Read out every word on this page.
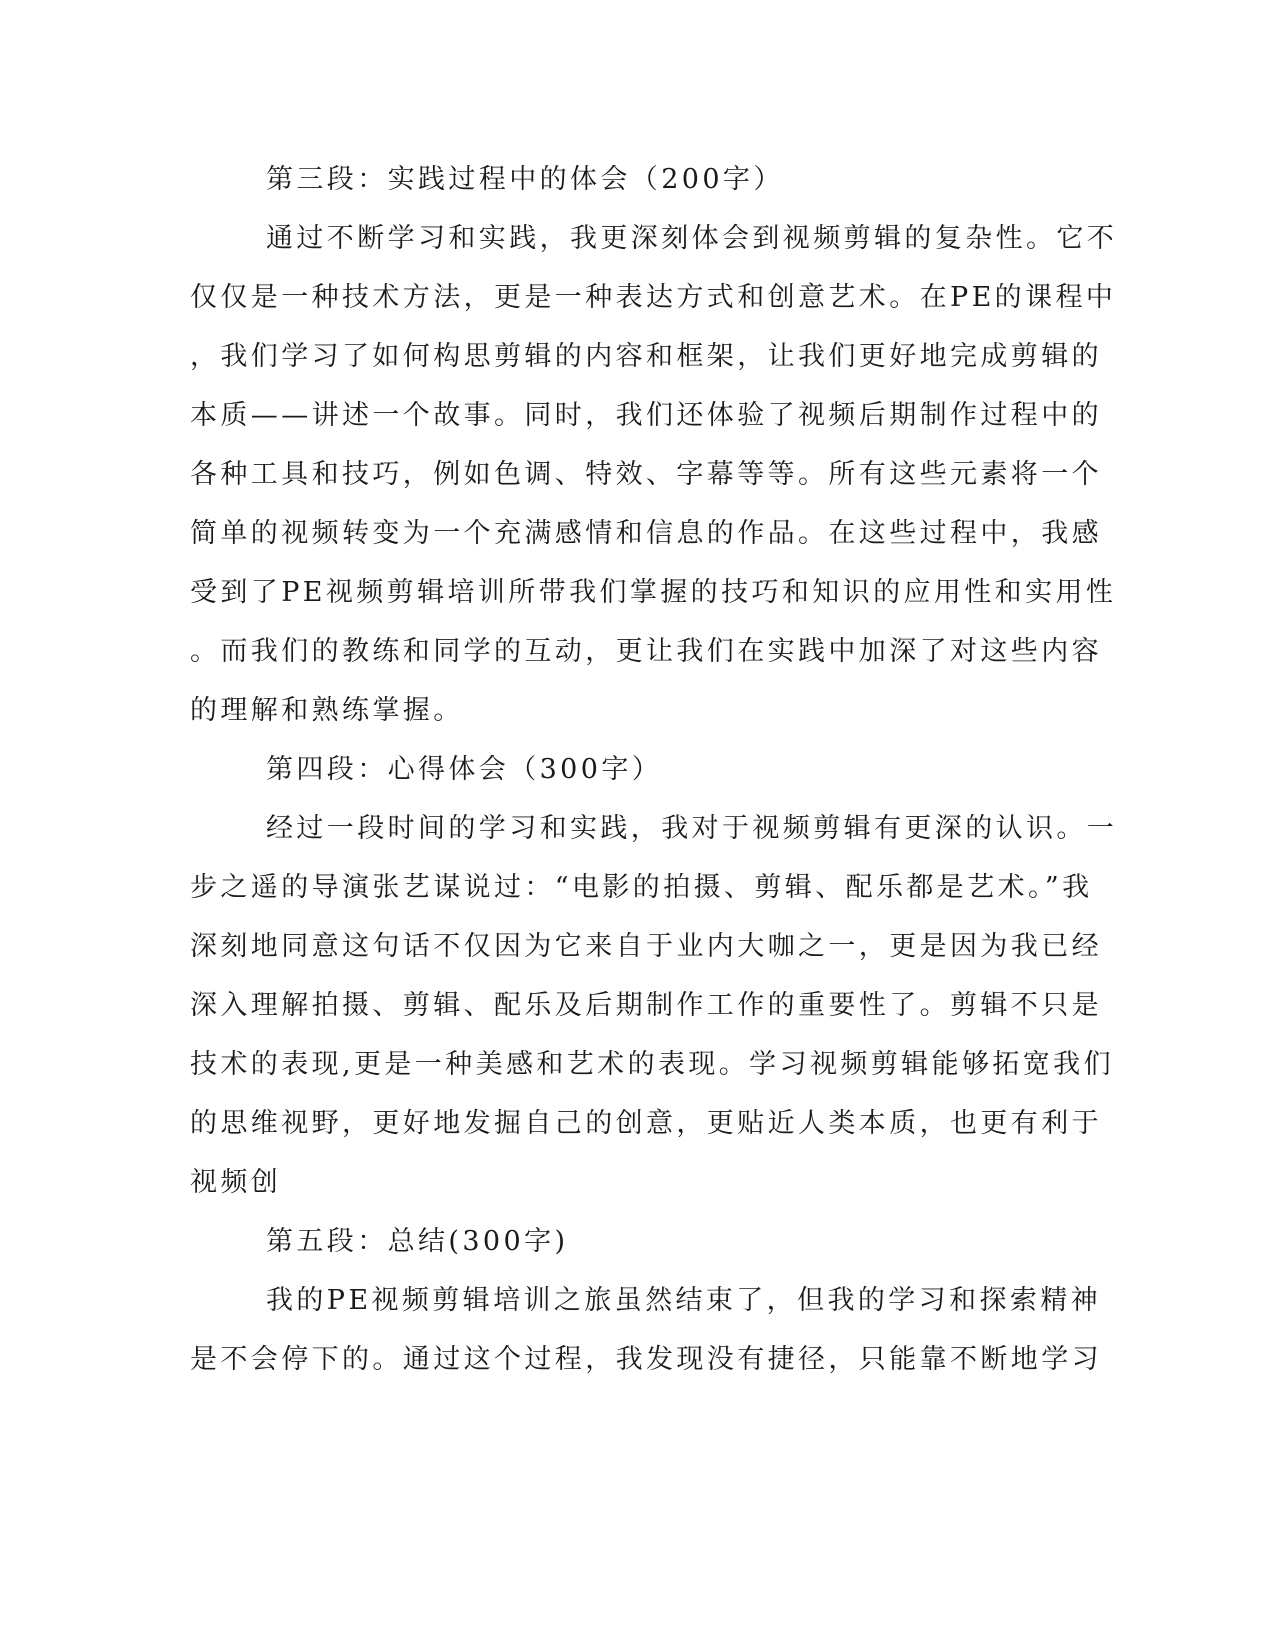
第三段：实践过程中的体会（200字）
通过不断学习和实践，我更深刻体会到视频剪辑的复杂性。它不
仅仅是一种技术方法，更是一种表达方式和创意艺术。在PE的课程中
，我们学习了如何构思剪辑的内容和框架，让我们更好地完成剪辑的
本质——讲述一个故事。同时，我们还体验了视频后期制作过程中的
各种工具和技巧，例如色调、特效、字幕等等。所有这些元素将一个
简单的视频转变为一个充满感情和信息的作品。在这些过程中，我感
受到了PE视频剪辑培训所带我们掌握的技巧和知识的应用性和实用性
。而我们的教练和同学的互动，更让我们在实践中加深了对这些内容
的理解和熟练掌握。
第四段：心得体会（300字）
经过一段时间的学习和实践，我对于视频剪辑有更深的认识。一
步之遥的导演张艺谋说过：“电影的拍摄、剪辑、配乐都是艺术。”我
深刻地同意这句话不仅因为它来自于业内大咖之一，更是因为我已经
深入理解拍摄、剪辑、配乐及后期制作工作的重要性了。剪辑不只是
技术的表现,更是一种美感和艺术的表现。学习视频剪辑能够拓宽我们
的思维视野，更好地发掘自己的创意，更贴近人类本质，也更有利于
视频创
第五段：总结(300字)
我的PE视频剪辑培训之旅虽然结束了，但我的学习和探索精神
是不会停下的。通过这个过程，我发现没有捷径，只能靠不断地学习
